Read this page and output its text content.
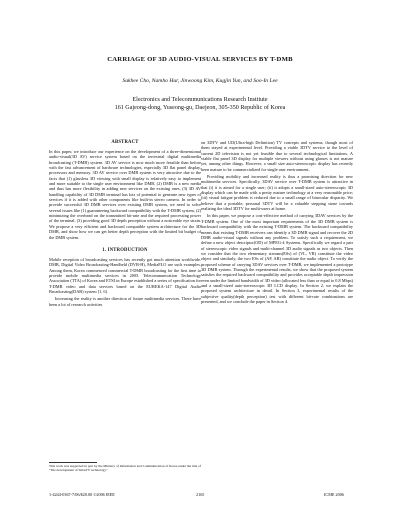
CARRIAGE OF 3D AUDIO-VISUAL SERVICES BY T-DMB
Sukhee Cho, Namho Hur, Jinwoong Kim, Kugjin Yun, and Soo-In Lee
Electronics and Telecommunications Research Institute
161 Gajeong-dong, Yuseong-gu, Daejeon, 305-350 Republic of Korea
ABSTRACT

In this paper, we introduce our experience on the development of a three-dimensional audio-visual(3D AV) service system based on the terrestrial digital multimedia broadcasting (T-DMB) system. 3D AV service is now much more feasible than before with the fast advancement of hardware technologies, especially 3D flat panel display, processors and memory. 3D AV service over DMB system is very attractive due to the facts that (1) glassless 3D viewing with small display is relatively easy to implement and more suitable to the single user environment like DMB, (2) DMB is a new media and thus has more flexibility in adding new services on the existing ones, (3) 3D AV handling capability of 3D DMB terminal has lots of potential to generate new types of services if it is added with other components like built-in stereo camera. In order to provide successful 3D DMB services over existing DMB system, we need to solve several issues like (1) guaranteeing backward compatibility with the T-DMB system, (2) minimizing the overhead on the transmitted bit-rate and the required processing power of the terminal, (3) providing good 3D depth perception without a noticeable eye strain. We propose a very efficient and backward compatible system architecture for the 3D DMB, and show how we can get better depth perception with the limited bit budget of the DMB system.

1. INTRODUCTION

Mobile reception of broadcasting services has recently got much attention worldwide. DMB, Digital Video Broadcasting-Handheld (DVB-H), MediaFLO are such examples. Among them, Korea commenced commercial T-DMB broadcasting for the first time to provide mobile multimedia services in 2005. Telecommunication Technology Association (TTA) of Korea and ETSI in Europe established a series of specification for T-DMB video and data services based on the EUREKA-147 Digital Audio Broadcasting(DAB) system [1, 6].

Increasing the reality is another direction of future multimedia services. There have been a lot of research activities

on 3DTV and UD(Ultra-high Definition) TV concepts and systems, though most of them stayed at experimental level. Providing a viable 3DTV service to the level of current 2D television is not yet feasible due to several technological limitations. A viable flat panel 3D display for multiple viewers without using glasses is not mature yet, among other things. However, a small size auto-stereoscopic display has recently been mature to be commercialized for single user environment.

Providing mobility and increased reality is thus a promising direction for new multimedia services. Specifically, 3DAV service over T-DMB system is attractive in that (i) it is aimed for a single user; (ii) it adopts a small-sized auto-stereoscopic 3D display which can be made with a pretty mature technology at a very reasonable price; (iii) visual fatigue problem is reduced due to a small range of binocular disparity. We believe that a portable, personal 3DTV will be a valuable stepping stone towards realizing the ideal 3DTV for multi-users at home.

In this paper, we propose a cost-effective method of carrying 3DAV services by the T-DMB system. One of the most important requirements of the 3D DMB system is backward compatibility with the existing T-DMB system. The backward compatibility means that existing T-DMB receivers can identify a 3D DMB signal and recover the 2D DMB audio-visual signals without any problem. To satisfy such a requirement, we define a new object descriptor(OD) of MPEG-4 Systems. Specifically we regard a pair of stereoscopic video signals and multi-channel 3D audio signals as two objects. Then we consider that the two elementary streams(ESs) of (VL, VR) constitute the video object and similarly, the two ESs of (AF, AR) constitute the audio object. To verify the proposed scheme of carrying 3DAV services over T-DMB, we implemented a prototype 3D DMB system. Through the experimental results, we show that the proposed system satisfies the required backward compatibility and provides acceptable depth impression even under the limited bandwidth of 3D video (allocated less than or equal to 0.8 Mbps) and a small-sized auto-stereoscopic 3D LCD display. In Section 2, we explain the proposed system architecture in detail. In Section 3, experimental results of the subjective quality(depth perception) test with different bit-rate combinations are presented, and we conclude the paper in Section 4.

This work was supported in part by the Ministry of Information and Communication of Korea under the title of "The development of SmarTV technology"
1-4244-0367-7/06/$20.00 ©2006 IEEE	2165	ICME 2006
